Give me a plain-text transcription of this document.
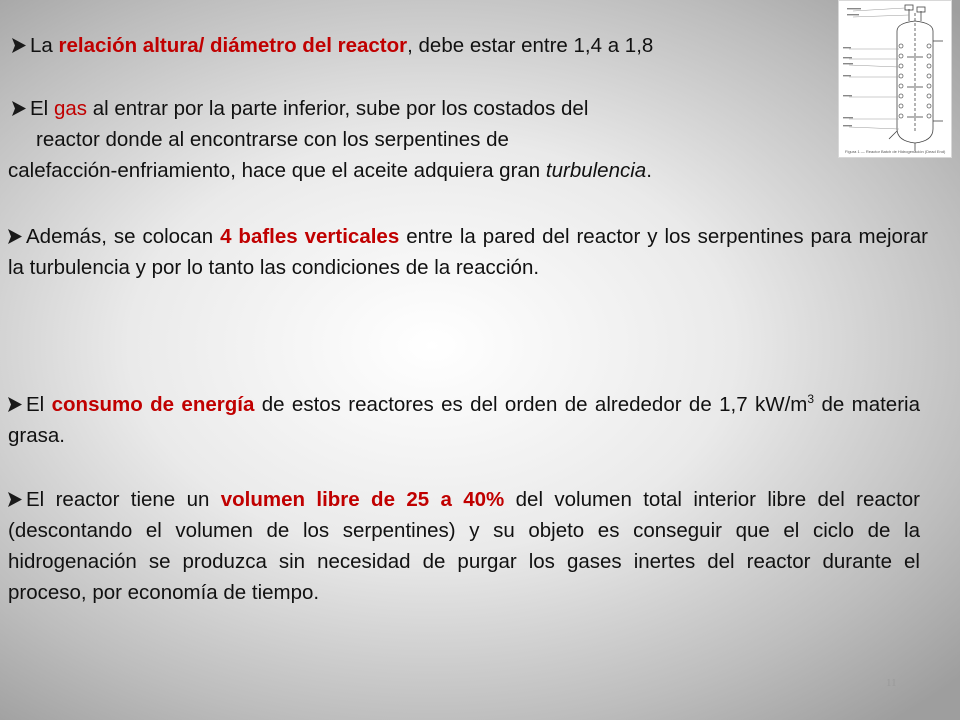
La relación altura/ diámetro del reactor, debe estar entre 1,4 a 1,8
El gas al entrar por la parte inferior, sube por los costados del
reactor donde al encontrarse con los serpentines de
calefacción-enfriamiento, hace que el aceite adquiera gran turbulencia.
Además, se colocan 4 bafles verticales entre la pared del reactor y los serpentines para mejorar la turbulencia y por lo tanto las condiciones de la reacción.
El consumo de energía de estos reactores es del orden de alrededor de 1,7 $kW/m^3$ de materia grasa.
El reactor tiene un volumen libre de 25 a 40% del volumen total interior libre del reactor (descontando el volumen de los serpentines) y su objeto es conseguir que el ciclo de la hidrogenación se produzca sin necesidad de purgar los gases inertes del reactor durante el proceso, por economía de tiempo.
Figura 1 — Reactor Batch de Hidrogenación (Dead End)
11
